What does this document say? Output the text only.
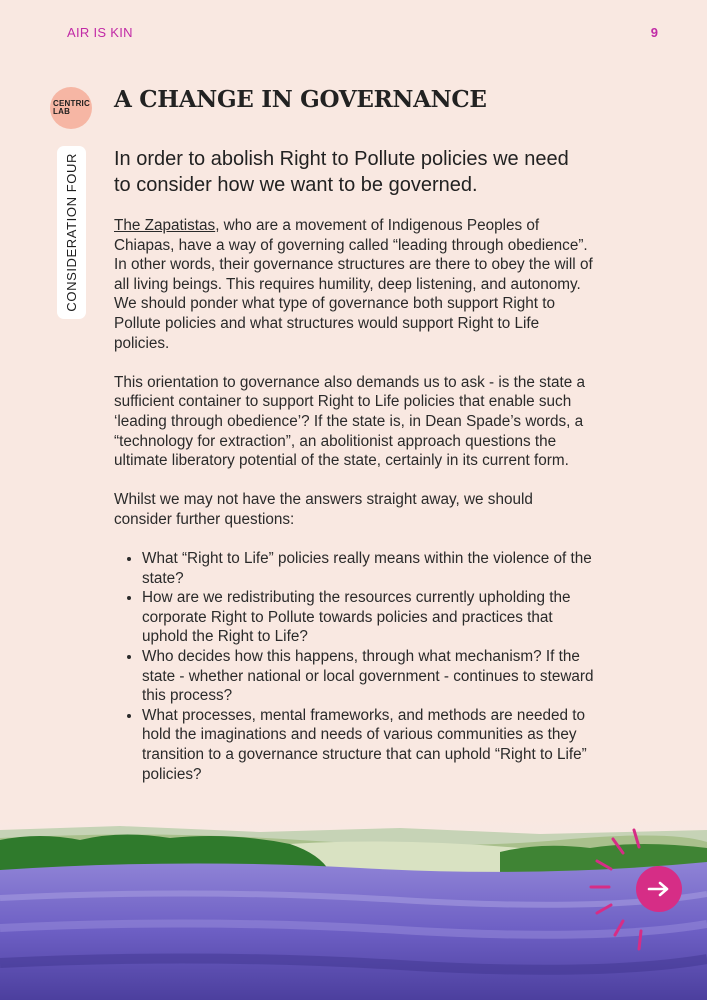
AIR IS KIN	9
CENTRIC
LAB
CONSIDERATION FOUR
A CHANGE IN GOVERNANCE

In order to abolish Right to Pollute policies we need to consider how we want to be governed.

The Zapatistas, who are a movement of Indigenous Peoples of Chiapas, have a way of governing called “leading through obedience”. In other words, their governance structures are there to obey the will of all living beings. This requires humility, deep listening, and autonomy. We should ponder what type of governance both support Right to Pollute policies and what structures would support Right to Life policies.

This orientation to governance also demands us to ask - is the state a sufficient container to support Right to Life policies that enable such ‘leading through obedience’? If the state is, in Dean Spade’s words, a “technology for extraction”, an abolitionist approach questions the ultimate liberatory potential of the state, certainly in its current form.

Whilst we may not have the answers straight away, we should consider further questions:

• What “Right to Life” policies really means within the violence of the state?
• How are we redistributing the resources currently upholding the corporate Right to Pollute towards policies and practices that uphold the Right to Life?
• Who decides how this happens, through what mechanism? If the state - whether national or local government - continues to steward this process?
• What processes, mental frameworks, and methods are needed to hold the imaginations and needs of various communities as they transition to a governance structure that can uphold “Right to Life” policies?
